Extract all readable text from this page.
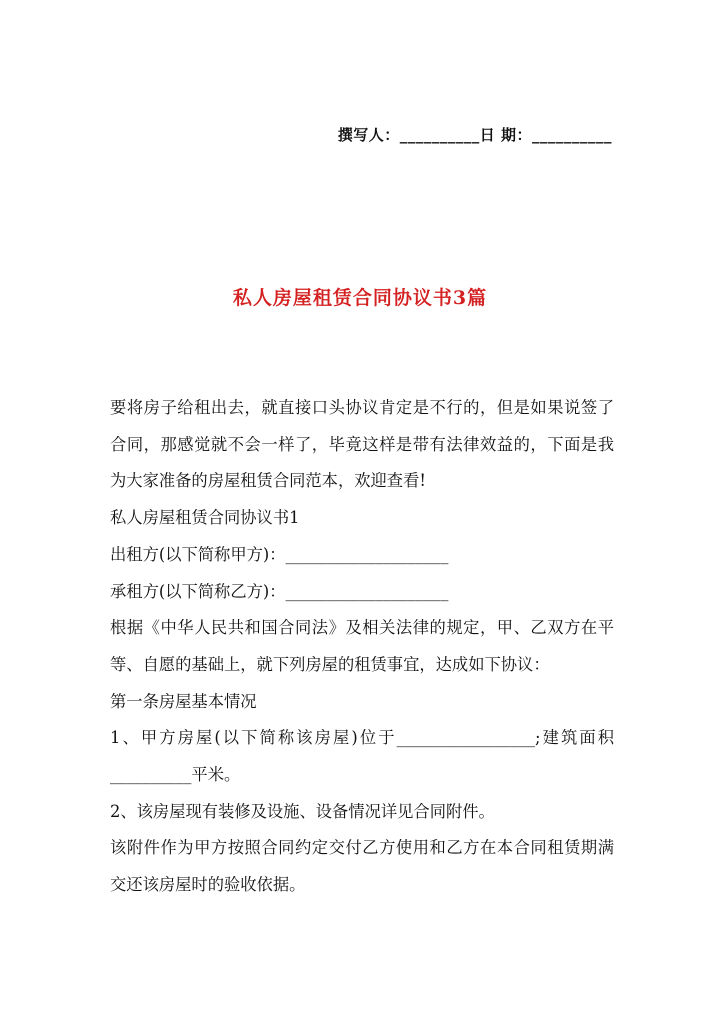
撰写人：__________日 期：__________
私人房屋租赁合同协议书3篇

要将房子给租出去，就直接口头协议肯定是不行的，但是如果说签了合同，那感觉就不会一样了，毕竟这样是带有法律效益的，下面是我为大家准备的房屋租赁合同范本，欢迎查看!

私人房屋租赁合同协议书1

出租方(以下简称甲方)：____________________

承租方(以下简称乙方)：____________________

根据《中华人民共和国合同法》及相关法律的规定，甲、乙双方在平等、自愿的基础上，就下列房屋的租赁事宜，达成如下协议：

第一条房屋基本情况

1、甲方房屋(以下简称该房屋)位于_________________;建筑面积__________平米。

2、该房屋现有装修及设施、设备情况详见合同附件。

该附件作为甲方按照合同约定交付乙方使用和乙方在本合同租赁期满交还该房屋时的验收依据。
